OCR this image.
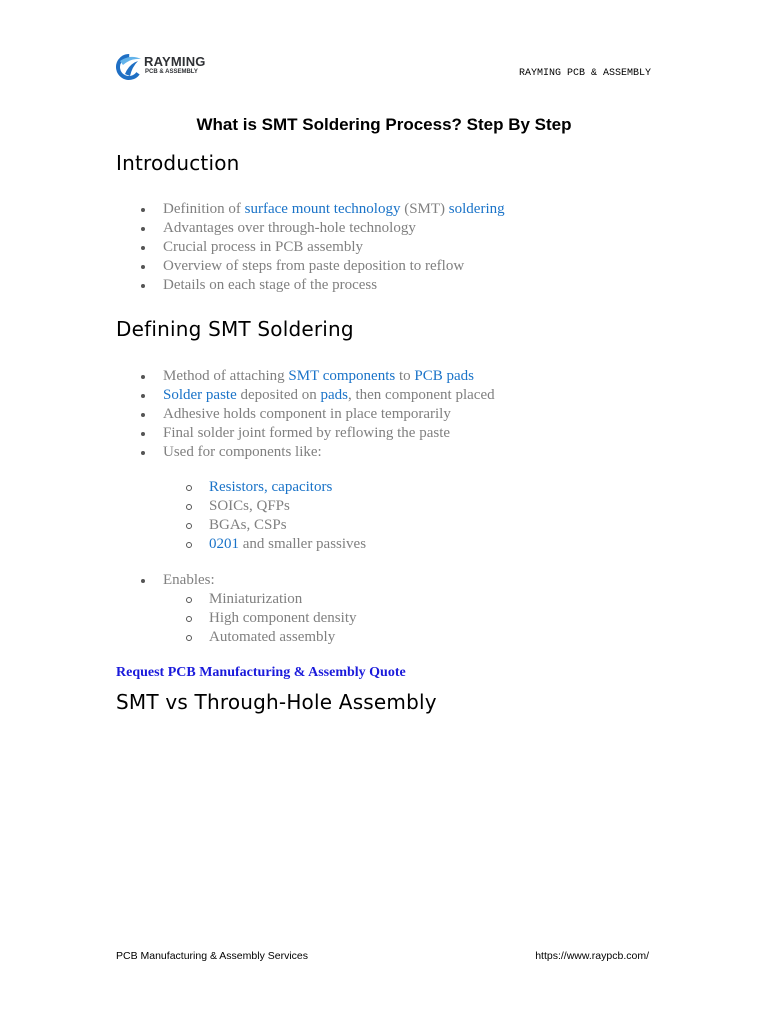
RAYMING
PCB & ASSEMBLY	RAYMING PCB & ASSEMBLY
What is SMT Soldering Process? Step By Step
Introduction
Definition of surface mount technology (SMT) soldering
Advantages over through-hole technology
Crucial process in PCB assembly
Overview of steps from paste deposition to reflow
Details on each stage of the process
Defining SMT Soldering
Method of attaching SMT components to PCB pads
Solder paste deposited on pads, then component placed
Adhesive holds component in place temporarily
Final solder joint formed by reflowing the paste
Used for components like:
Resistors, capacitors
SOICs, QFPs
BGAs, CSPs
0201 and smaller passives
Enables:
Miniaturization
High component density
Automated assembly
Request PCB Manufacturing & Assembly Quote
SMT vs Through-Hole Assembly
PCB Manufacturing & Assembly Services	https://www.raypcb.com/
